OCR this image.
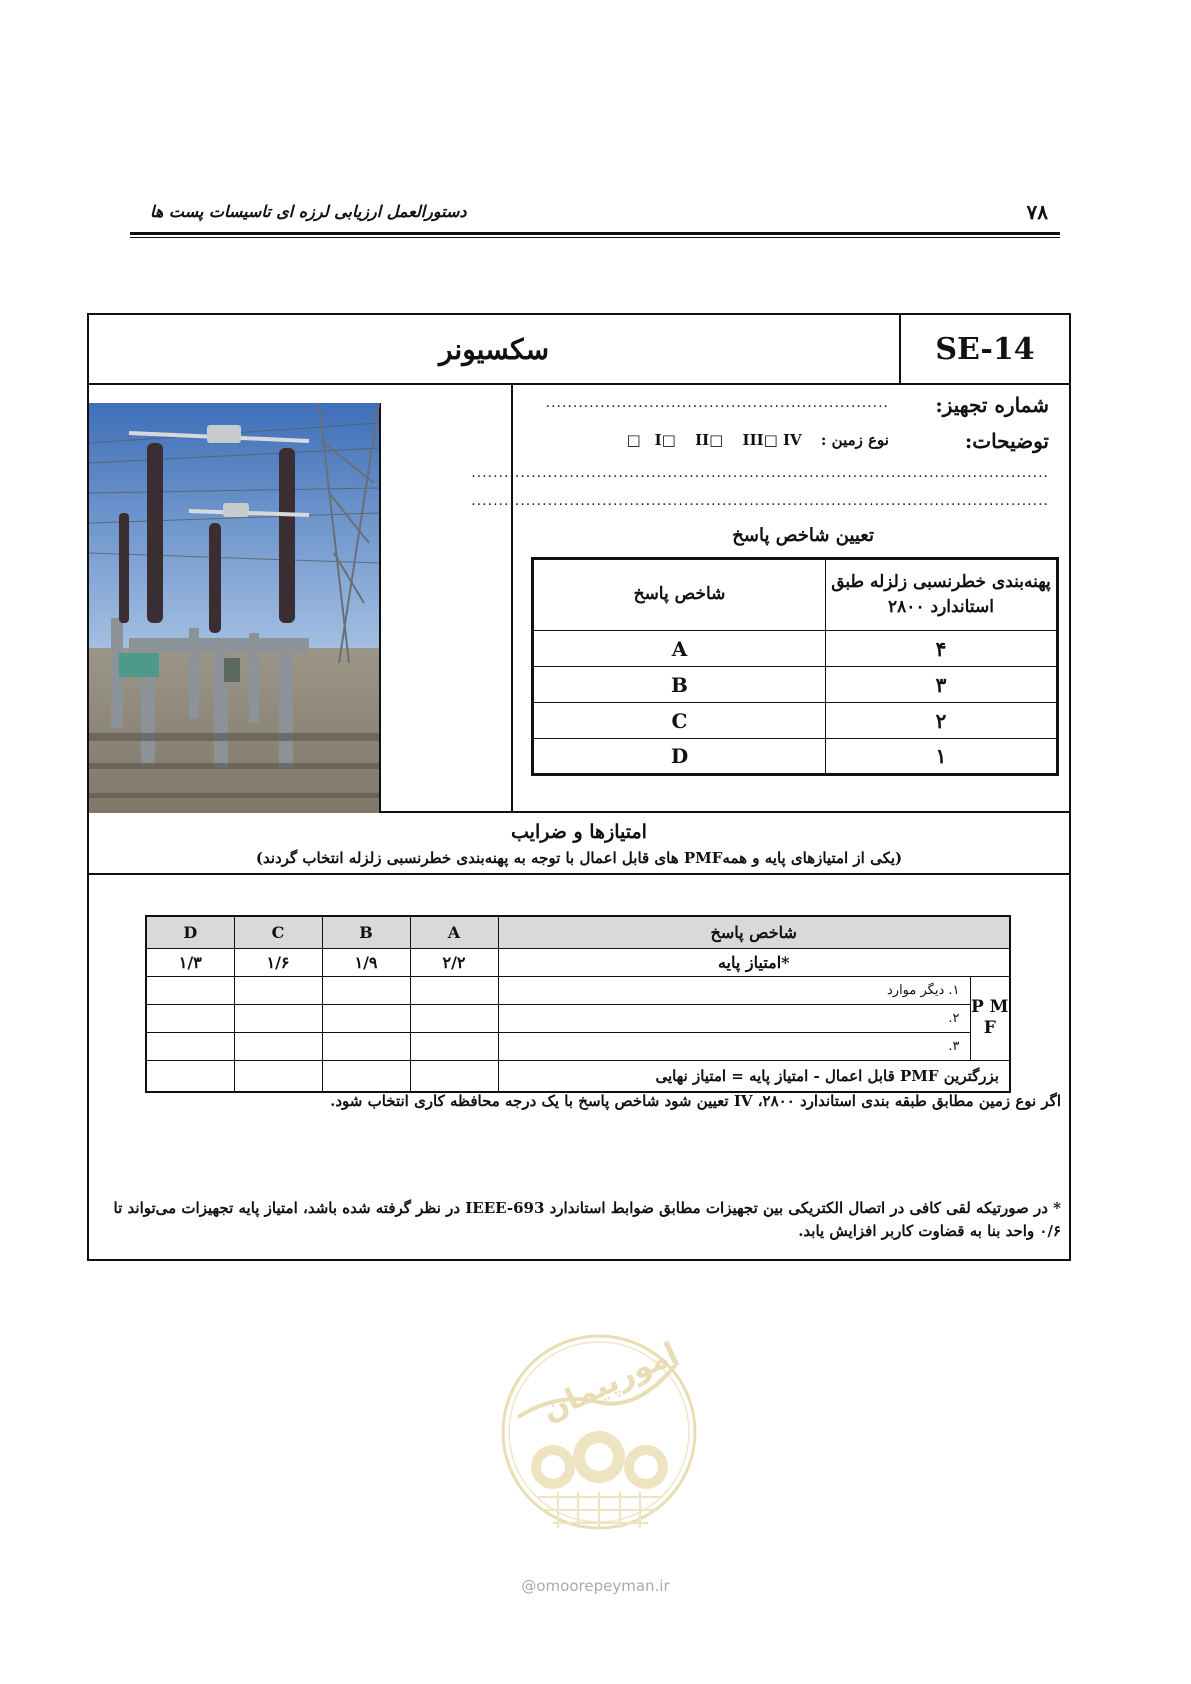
۷۸
دستورالعمل ارزیابی لرزه ای تاسیسات پست ها
SE-14
سکسیونر
شماره تجهیز:
...............................................................
توضیحات:
نوع زمین : I□ II□ III□ IV□
..........................................................................................................
..........................................................................................................
تعیین شاخص پاسخ
پهنه‌بندی خطرنسبی زلزله طبق استاندارد ۲۸۰۰	شاخص پاسخ
۴	A
۳	B
۲	C
۱	D
امتیازها و ضرایب
(یکی از امتیازهای پایه و همهPMF های قابل اعمال با توجه به پهنه‌بندی خطرنسبی زلزله انتخاب گردند)
D	C	B	A	شاخص پاسخ	
۱/۳	۱/۶	۱/۹	۲/۲	امتیاز پایه*	
				۱. دیگر موارد	P M F
				۲.	
				۳.	
				بزرگترین PMF قابل اعمال - امتیاز پایه = امتیاز نهایی	
اگر نوع زمین مطابق طبقه بندی استاندارد ۲۸۰۰، IV تعیین شود شاخص پاسخ با یک درجه محافظه کاری انتخاب شود.
* در صورتیکه لقی کافی در اتصال الکتریکی بین تجهیزات مطابق ضوابط استاندارد IEEE-693 در نظر گرفته شده باشد، امتیاز پایه تجهیزات می‌تواند تا ۰/۶ واحد بنا به قضاوت کاربر افزایش یابد.
امورپیمان
@omoorepeyman.ir
